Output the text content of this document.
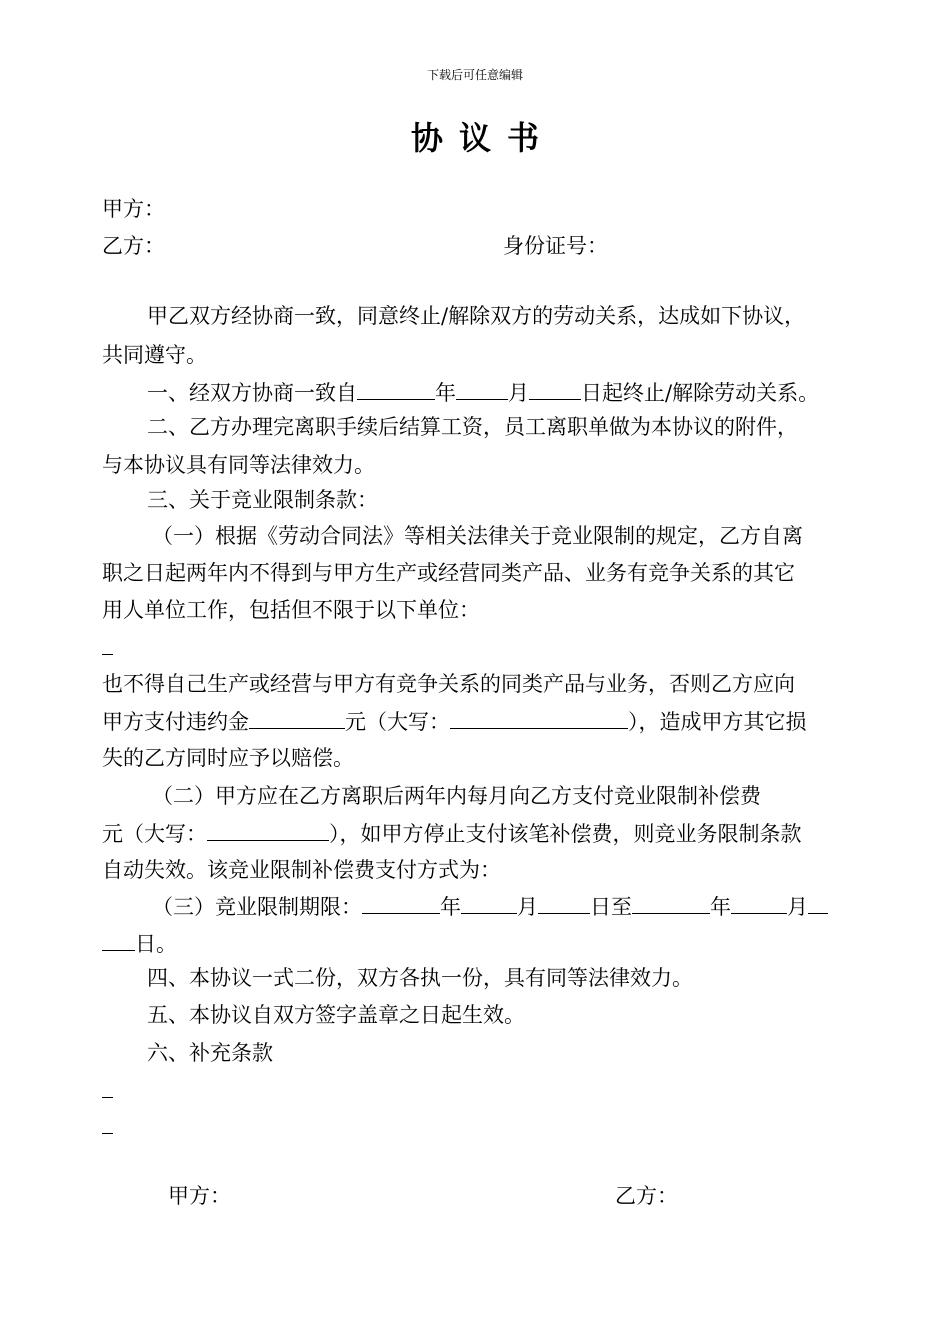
下载后可任意编辑
协议书
甲方：
乙方：	身份证号：
甲乙双方经协商一致，同意终止/解除双方的劳动关系，达成如下协议，
共同遵守。
一、经双方协商一致自	年 月 日起终止/解除劳动关系。
二、乙方办理完离职手续后结算工资，员工离职单做为本协议的附件，
与本协议具有同等法律效力。
三、关于竞业限制条款：
（一）根据《劳动合同法》等相关法律关于竞业限制的规定，乙方自离
职之日起两年内不得到与甲方生产或经营同类产品、业务有竞争关系的其它
用人单位工作，包括但不限于以下单位：
也不得自己生产或经营与甲方有竞争关系的同类产品与业务，否则乙方应向
甲方支付违约金	元（大写：	），造成甲方其它损
失的乙方同时应予以赔偿。
（二）甲方应在乙方离职后两年内每月向乙方支付竞业限制补偿费
元（大写：	），如甲方停止支付该笔补偿费，则竞业务限制条款
自动失效。该竞业限制补偿费支付方式为：
（三）竞业限制期限：	年	月 日至	年	月
日。
四、本协议一式二份，双方各执一份，具有同等法律效力。
五、本协议自双方签字盖章之日起生效。
六、补充条款
甲方：	乙方：
